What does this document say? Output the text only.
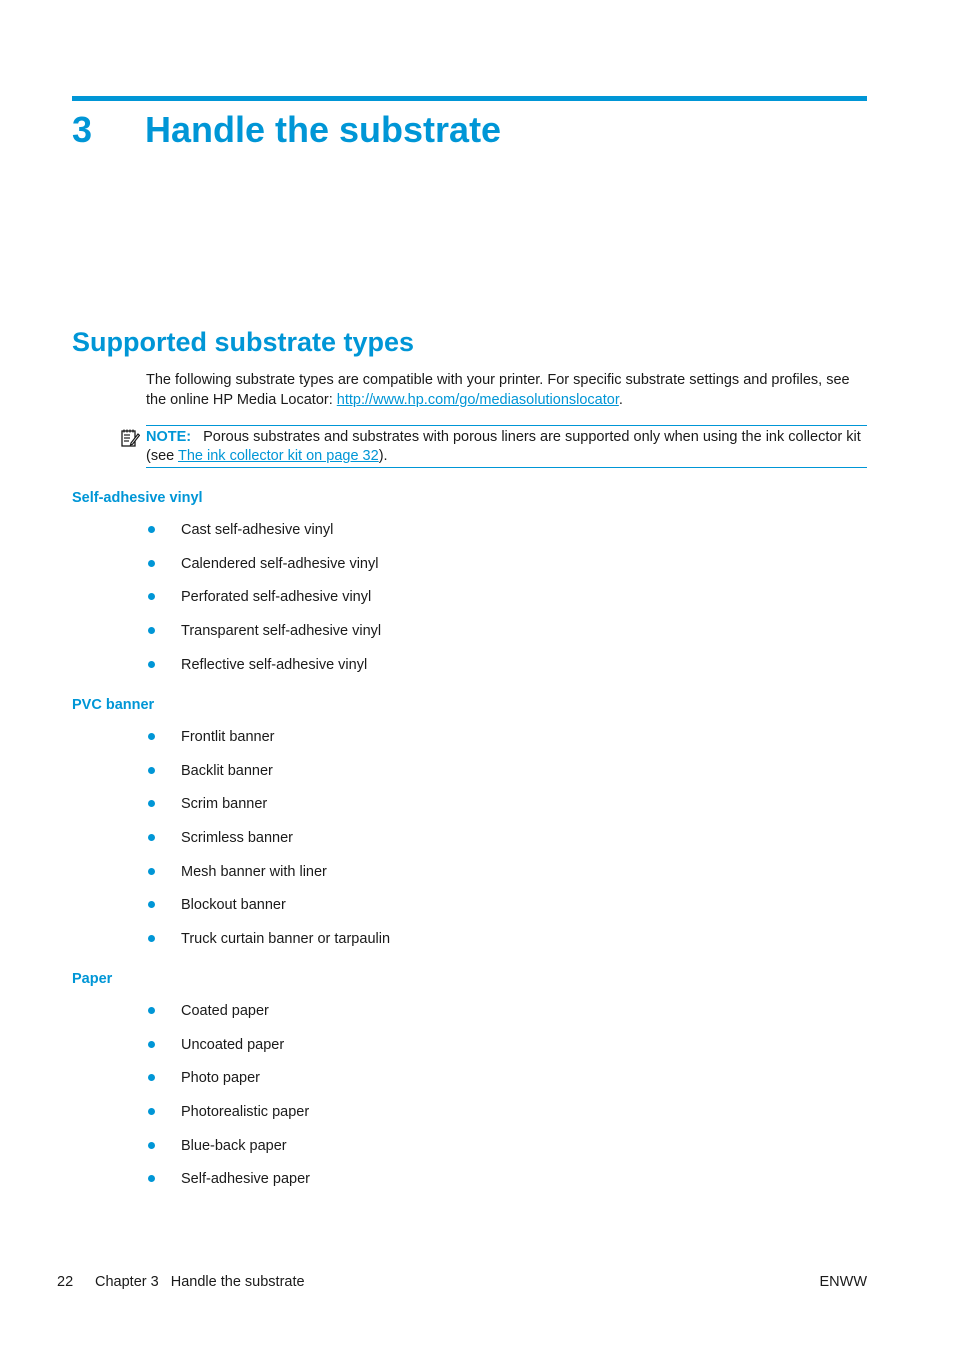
3 Handle the substrate
Supported substrate types

The following substrate types are compatible with your printer. For specific substrate settings and profiles, see the online HP Media Locator: http://www.hp.com/go/mediasolutionslocator.

NOTE: Porous substrates and substrates with porous liners are supported only when using the ink collector kit (see The ink collector kit on page 32).
Self-adhesive vinyl
Cast self-adhesive vinyl
Calendered self-adhesive vinyl
Perforated self-adhesive vinyl
Transparent self-adhesive vinyl
Reflective self-adhesive vinyl
PVC banner
Frontlit banner
Backlit banner
Scrim banner
Scrimless banner
Mesh banner with liner
Blockout banner
Truck curtain banner or tarpaulin
Paper
Coated paper
Uncoated paper
Photo paper
Photorealistic paper
Blue-back paper
Self-adhesive paper
22 Chapter 3   Handle the substrate	ENWW
